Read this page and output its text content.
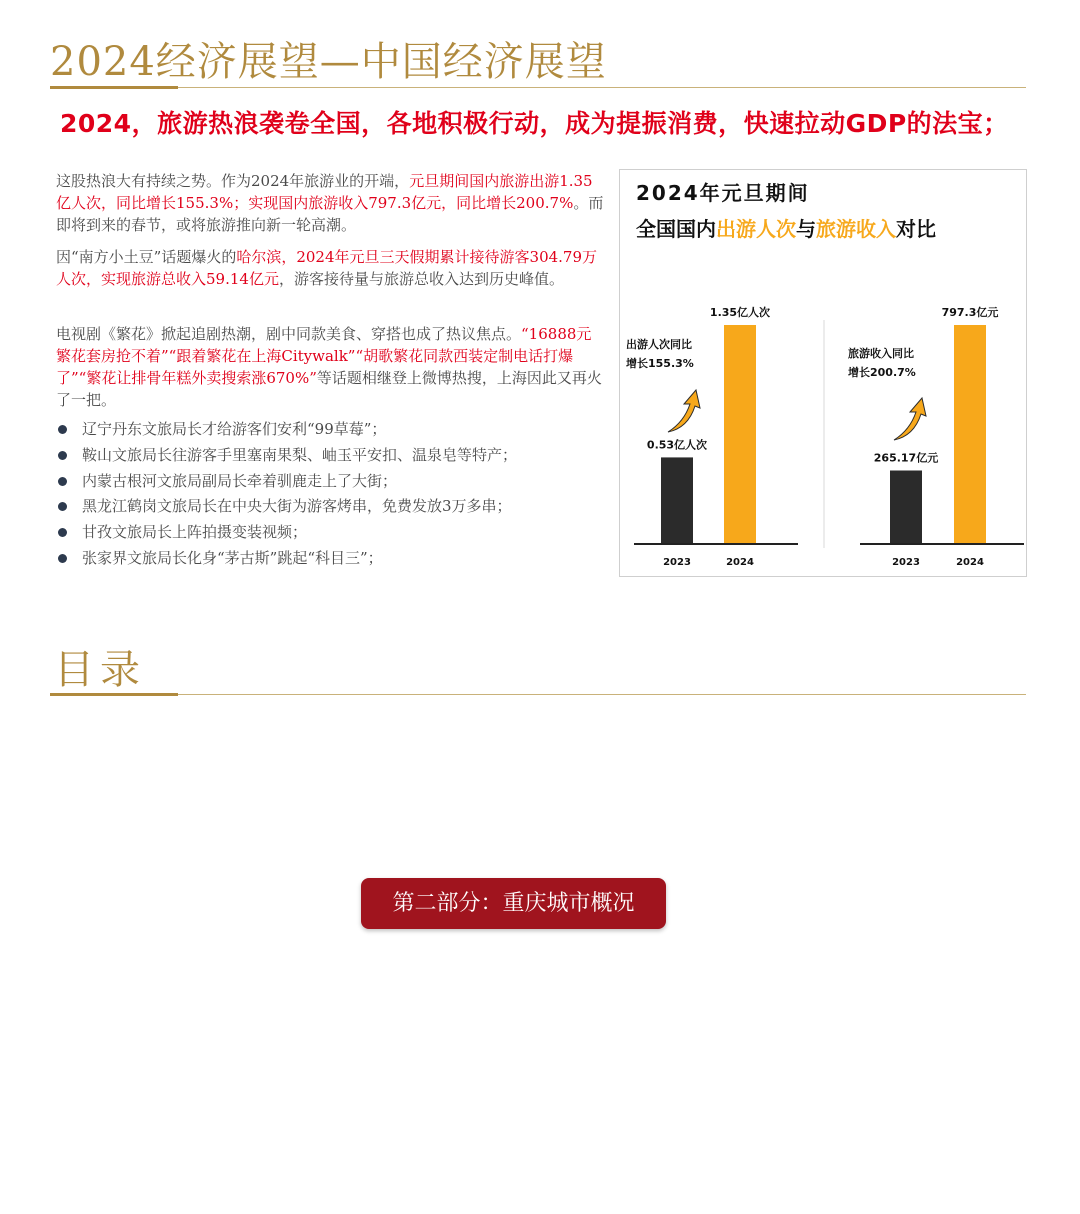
2024经济展望—中国经济展望
2024，旅游热浪袭卷全国，各地积极行动，成为提振消费，快速拉动GDP的法宝；
这股热浪大有持续之势。作为2024年旅游业的开端，元旦期间国内旅游出游1.35亿人次，同比增长155.3%；实现国内旅游收入797.3亿元，同比增长200.7%。而即将到来的春节，或将旅游推向新一轮高潮。
因“南方小土豆”话题爆火的哈尔滨，2024年元旦三天假期累计接待游客304.79万人次，实现旅游总收入59.14亿元，游客接待量与旅游总收入达到历史峰值。
电视剧《繁花》掀起追剧热潮，剧中同款美食、穿搭也成了热议焦点。“16888元繁花套房抢不着”“跟着繁花在上海Citywalk”“胡歌繁花同款西装定制电话打爆了”“繁花让排骨年糕外卖搜索涨670%”等话题相继登上微博热搜，上海因此又再火了一把。
辽宁丹东文旅局长才给游客们安利“99草莓”；
鞍山文旅局长往游客手里塞南果梨、岫玉平安扣、温泉皂等特产；
内蒙古根河文旅局副局长牵着驯鹿走上了大街；
黑龙江鹤岗文旅局长在中央大街为游客烤串，免费发放3万多串；
甘孜文旅局长上阵拍摄变装视频；
张家界文旅局长化身“茅古斯”跳起“科目三”；
2024年元旦期间
全国国内出游人次与旅游收入对比
0.53亿人次
2023
1.35亿人次
2024
出游人次同比
增长155.3%
265.17亿元
2023
797.3亿元
2024
旅游收入同比
增长200.7%
目录
第二部分：重庆城市概况
